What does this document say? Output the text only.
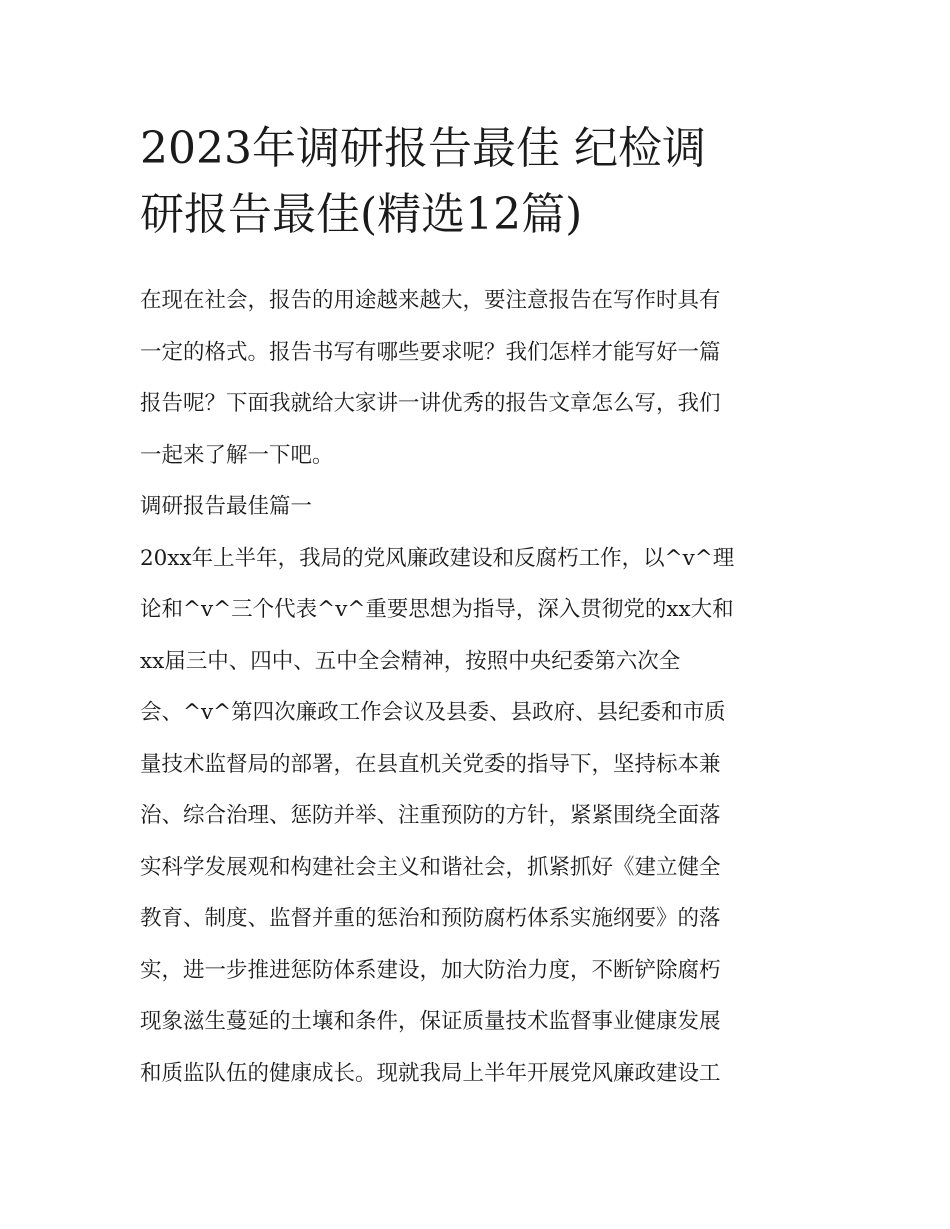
2023年调研报告最佳 纪检调
研报告最佳(精选12篇)
在现在社会，报告的用途越来越大，要注意报告在写作时具有
一定的格式。报告书写有哪些要求呢？我们怎样才能写好一篇
报告呢？下面我就给大家讲一讲优秀的报告文章怎么写，我们
一起来了解一下吧。
调研报告最佳篇一
20xx年上半年，我局的党风廉政建设和反腐朽工作，以^v^理
论和^v^三个代表^v^重要思想为指导，深入贯彻党的xx大和
xx届三中、四中、五中全会精神，按照中央纪委第六次全
会、^v^第四次廉政工作会议及县委、县政府、县纪委和市质
量技术监督局的部署，在县直机关党委的指导下，坚持标本兼
治、综合治理、惩防并举、注重预防的方针，紧紧围绕全面落
实科学发展观和构建社会主义和谐社会，抓紧抓好《建立健全
教育、制度、监督并重的惩治和预防腐朽体系实施纲要》的落
实，进一步推进惩防体系建设，加大防治力度，不断铲除腐朽
现象滋生蔓延的土壤和条件，保证质量技术监督事业健康发展
和质监队伍的健康成长。现就我局上半年开展党风廉政建设工
